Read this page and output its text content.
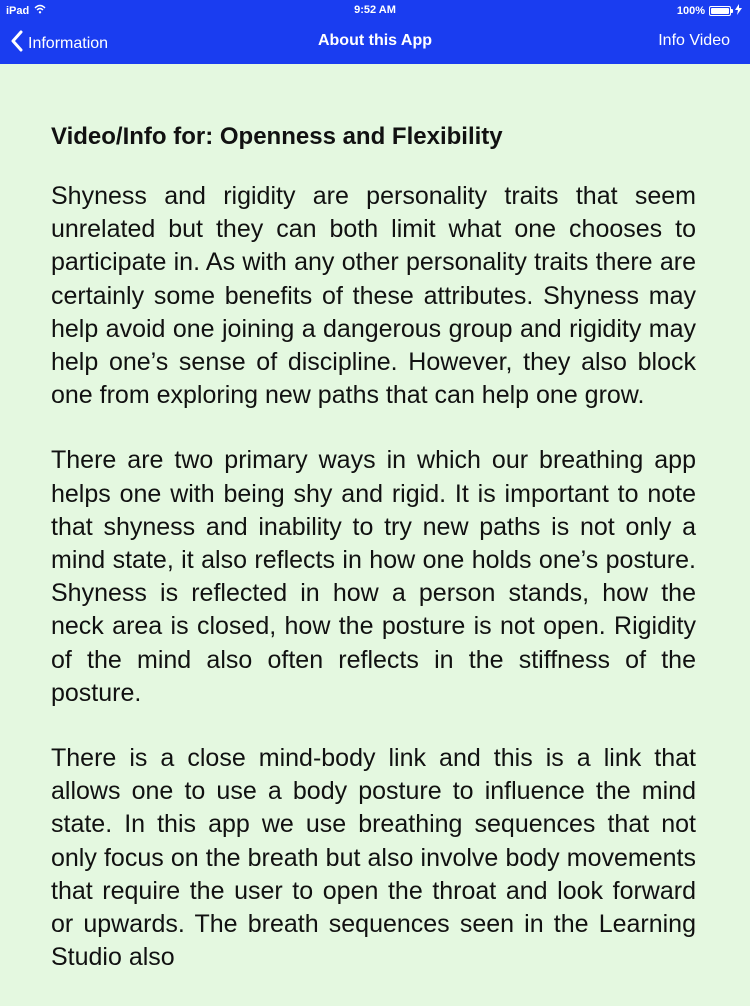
iPad	9:52 AM	100%
Information	About this App	Info Video
Video/Info for: Openness and Flexibility

Shyness and rigidity are personality traits that seem unrelated but they can both limit what one chooses to participate in. As with any other personality traits there are certainly some benefits of these attributes. Shyness may help avoid one joining a dangerous group and rigidity may help one’s sense of discipline. However, they also block one from exploring new paths that can help one grow.

There are two primary ways in which our breathing app helps one with being shy and rigid. It is important to note that shyness and inability to try new paths is not only a mind state, it also reflects in how one holds one’s posture. Shyness is reflected in how a person stands, how the neck area is closed, how the posture is not open. Rigidity of the mind also often reflects in the stiffness of the posture.

There is a close mind-body link and this is a link that allows one to use a body posture to influence the mind state. In this app we use breathing sequences that not only focus on the breath but also involve body movements that require the user to open the throat and look forward or upwards. The breath sequences seen in the Learning Studio also
